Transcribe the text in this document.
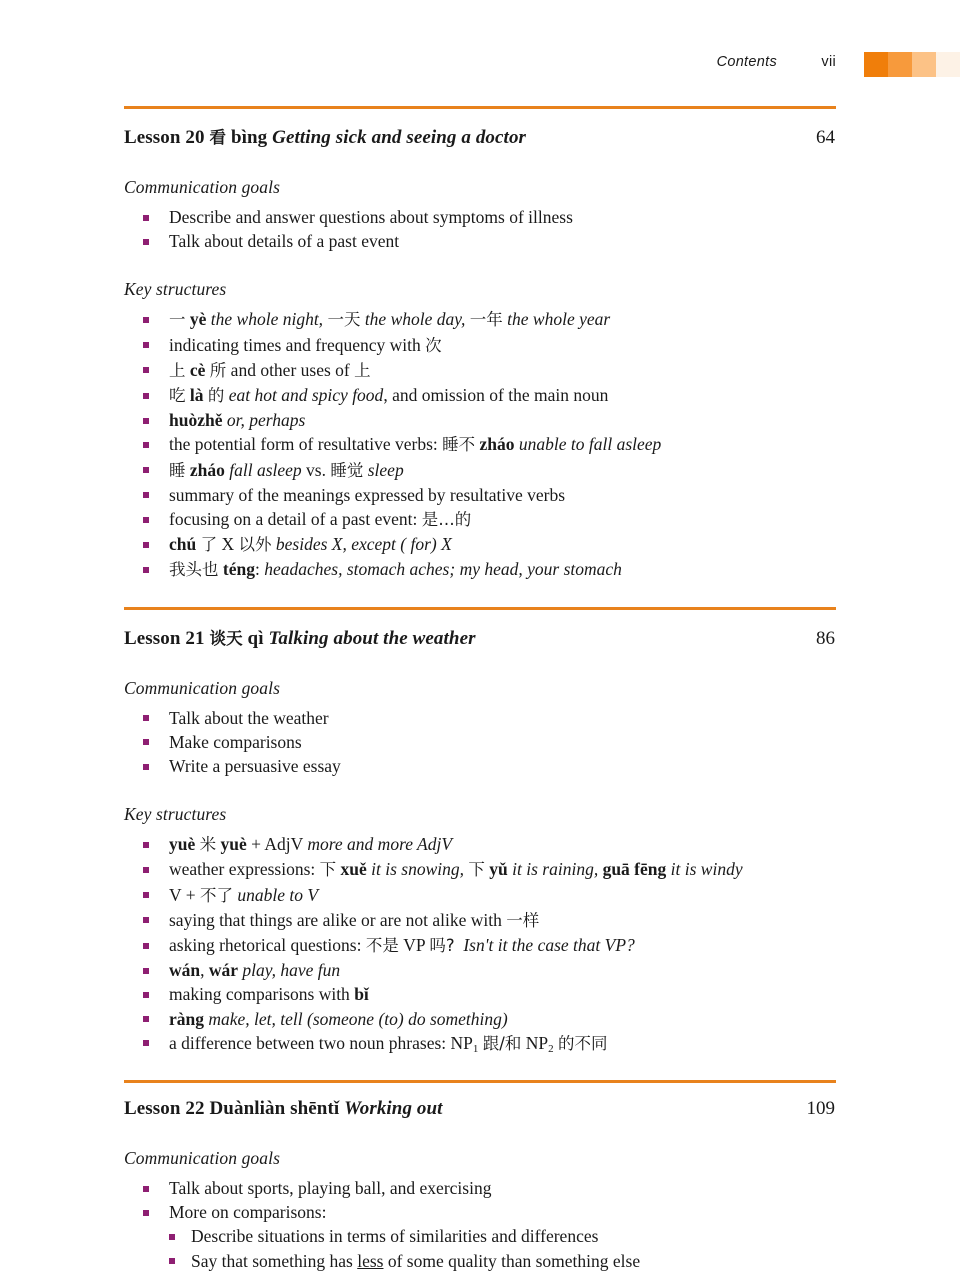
Contents	vii
Lesson 20 看 bìng Getting sick and seeing a doctor	64
Communication goals
Describe and answer questions about symptoms of illness
Talk about details of a past event
Key structures
一 yè the whole night, 一天 the whole day, 一年 the whole year
indicating times and frequency with 次
上 cè 所 and other uses of 上
吃 là 的 eat hot and spicy food, and omission of the main noun
huòzhě or, perhaps
the potential form of resultative verbs: 睡不 zháo unable to fall asleep
睡 zháo fall asleep vs. 睡觉 sleep
summary of the meanings expressed by resultative verbs
focusing on a detail of a past event: 是…的
chú 了 X 以外 besides X, except ( for) X
我头也 téng: headaches, stomach aches; my head, your stomach
Lesson 21 谈天 qì Talking about the weather	86
Communication goals
Talk about the weather
Make comparisons
Write a persuasive essay
Key structures
yuè 米 yuè + AdjV more and more AdjV
weather expressions: 下 xuě it is snowing, 下 yǔ it is raining, guā fēng it is windy
V + 不了 unable to V
saying that things are alike or are not alike with 一样
asking rhetorical questions: 不是 VP 吗? Isn't it the case that VP?
wán, wár play, have fun
making comparisons with bǐ
ràng make, let, tell (someone (to) do something)
a difference between two noun phrases: $NP_1$ 跟/和 $NP_2$ 的不同
Lesson 22 Duànliàn shēntǐ Working out	109
Communication goals
Talk about sports, playing ball, and exercising
More on comparisons:
Describe situations in terms of similarities and differences
Say that something has less of some quality than something else
